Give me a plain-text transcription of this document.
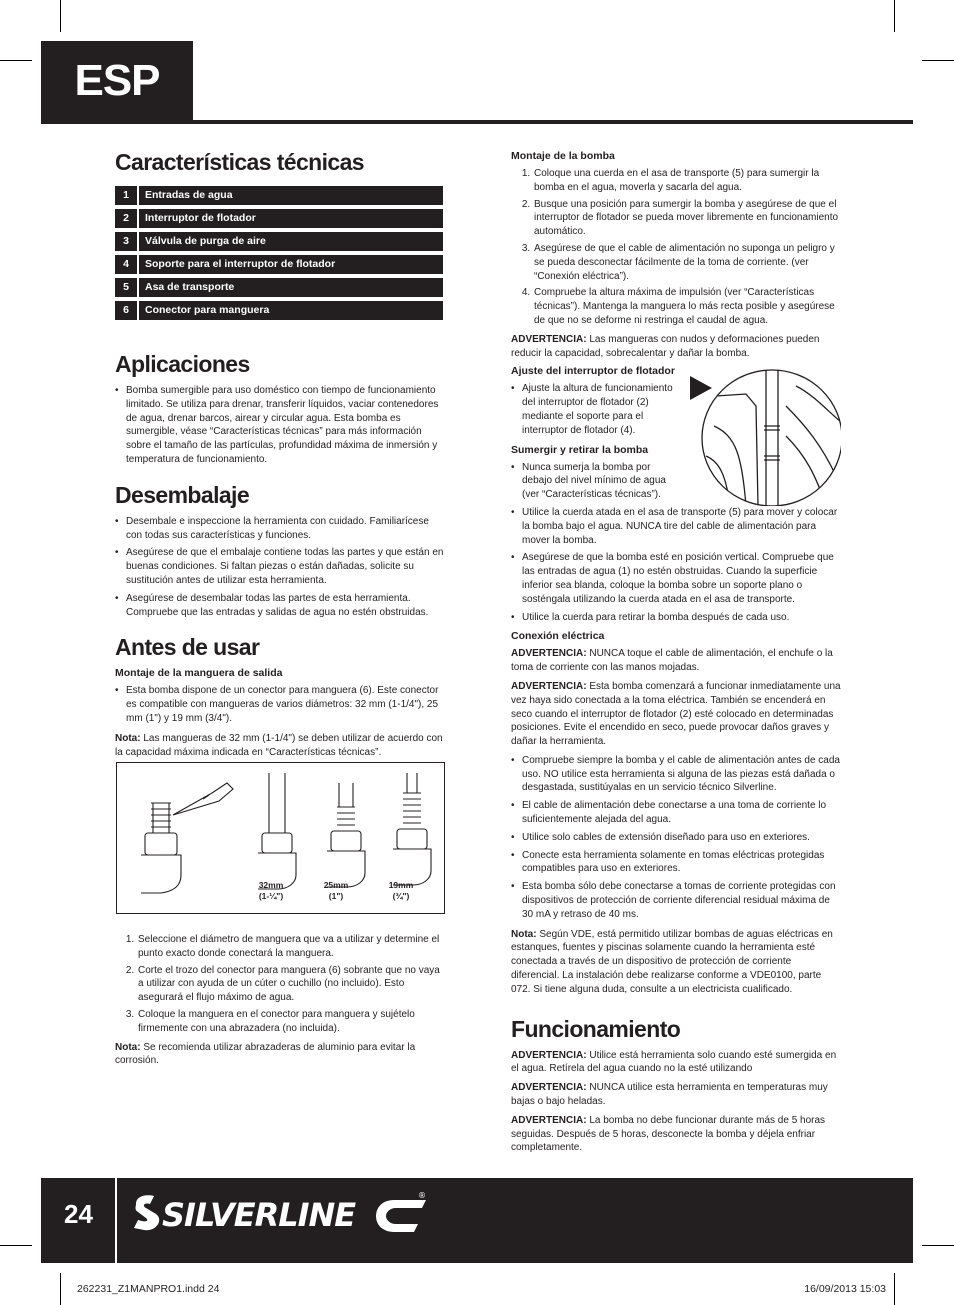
ESP
Características técnicas
1	Entradas de agua
2	Interruptor de flotador
3	Válvula de purga de aire
4	Soporte para el interruptor de flotador
5	Asa de transporte
6	Conector para manguera
Aplicaciones
• Bomba sumergible para uso doméstico con tiempo de funcionamiento limitado. Se utiliza para drenar, transferir líquidos, vaciar contenedores de agua, drenar barcos, airear y circular agua. Esta bomba es sumergible, véase “Características técnicas” para más información sobre el tamaño de las partículas, profundidad máxima de inmersión y temperatura de funcionamiento.
Desembalaje
• Desembale e inspeccione la herramienta con cuidado. Familiarícese con todas sus características y funciones.
• Asegúrese de que el embalaje contiene todas las partes y que están en buenas condiciones. Si faltan piezas o están dañadas, solicite su sustitución antes de utilizar esta herramienta.
• Asegúrese de desembalar todas las partes de esta herramienta. Compruebe que las entradas y salidas de agua no estén obstruidas.
Antes de usar
Montaje de la manguera de salida
• Esta bomba dispone de un conector para manguera (6). Este conector es compatible con mangueras de varios diámetros: 32 mm (1-1/4"), 25 mm (1") y 19 mm (3/4").

Nota: Las mangueras de 32 mm (1-1/4") se deben utilizar de acuerdo con la capacidad máxima indicada en “Características técnicas”.

32mm
(1-¼")
25mm
(1")
19mm
(¾")
1. Seleccione el diámetro de manguera que va a utilizar y determine el punto exacto donde conectará la manguera.
2. Corte el trozo del conector para manguera (6) sobrante que no vaya a utilizar con ayuda de un cúter o cuchillo (no incluido). Esto asegurará el flujo máximo de agua.
3. Coloque la manguera en el conector para manguera y sujételo firmemente con una abrazadera (no incluida).

Nota: Se recomienda utilizar abrazaderas de aluminio para evitar la corrosión.

Montaje de la bomba
1. Coloque una cuerda en el asa de transporte (5) para sumergir la bomba en el agua, moverla y sacarla del agua.
2. Busque una posición para sumergir la bomba y asegúrese de que el interruptor de flotador se pueda mover libremente en funcionamiento automático.
3. Asegúrese de que el cable de alimentación no suponga un peligro y se pueda desconectar fácilmente de la toma de corriente. (ver “Conexión eléctrica”).
4. Compruebe la altura máxima de impulsión (ver “Características técnicas”). Mantenga la manguera lo más recta posible y asegúrese de que no se deforme ni restringa el caudal de agua.

ADVERTENCIA: Las mangueras con nudos y deformaciones pueden reducir la capacidad, sobrecalentar y dañar la bomba.

Ajuste del interruptor de flotador
• Ajuste la altura de funcionamiento del interruptor de flotador (2) mediante el soporte para el interruptor de flotador (4).
Sumergir y retirar la bomba
• Nunca sumerja la bomba por debajo del nivel mínimo de agua (ver “Características técnicas”).
• Utilice la cuerda atada en el asa de transporte (5) para mover y colocar la bomba bajo el agua. NUNCA tire del cable de alimentación para mover la bomba.
• Asegúrese de que la bomba esté en posición vertical. Compruebe que las entradas de agua (1) no estén obstruidas. Cuando la superficie inferior sea blanda, coloque la bomba sobre un soporte plano o sosténgala utilizando la cuerda atada en el asa de transporte.
• Utilice la cuerda para retirar la bomba después de cada uso.
Conexión eléctrica

ADVERTENCIA: NUNCA toque el cable de alimentación, el enchufe o la toma de corriente con las manos mojadas.

ADVERTENCIA: Esta bomba comenzará a funcionar inmediatamente una vez haya sido conectada a la toma eléctrica. También se encenderá en seco cuando el interruptor de flotador (2) esté colocado en determinadas posiciones. Evite el encendido en seco, puede provocar daños graves y dañar la herramienta.

• Compruebe siempre la bomba y el cable de alimentación antes de cada uso. NO utilice esta herramienta si alguna de las piezas está dañada o desgastada, sustitúyalas en un servicio técnico Silverline.
• El cable de alimentación debe conectarse a una toma de corriente lo suficientemente alejada del agua.
• Utilice solo cables de extensión diseñado para uso en exteriores.
• Conecte esta herramienta solamente en tomas eléctricas protegidas compatibles para uso en exteriores.
• Esta bomba sólo debe conectarse a tomas de corriente protegidas con dispositivos de protección de corriente diferencial residual máxima de 30 mA y retraso de 40 ms.

Nota: Según VDE, está permitido utilizar bombas de aguas eléctricas en estanques, fuentes y piscinas solamente cuando la herramienta esté conectada a través de un dispositivo de protección de corriente diferencial. La instalación debe realizarse conforme a VDE0100, parte 072. Si tiene alguna duda, consulte a un electricista cualificado.

Funcionamiento

ADVERTENCIA: Utilice está herramienta solo cuando esté sumergida en el agua. Retírela del agua cuando no la esté utilizando

ADVERTENCIA: NUNCA utilice esta herramienta en temperaturas muy bajas o bajo heladas.

ADVERTENCIA: La bomba no debe funcionar durante más de 5 horas seguidas. Después de 5 horas, desconecte la bomba y déjela enfriar completamente.

24	SILVERLINE
®
262231_Z1MANPRO1.indd 24	16/09/2013 15:03
